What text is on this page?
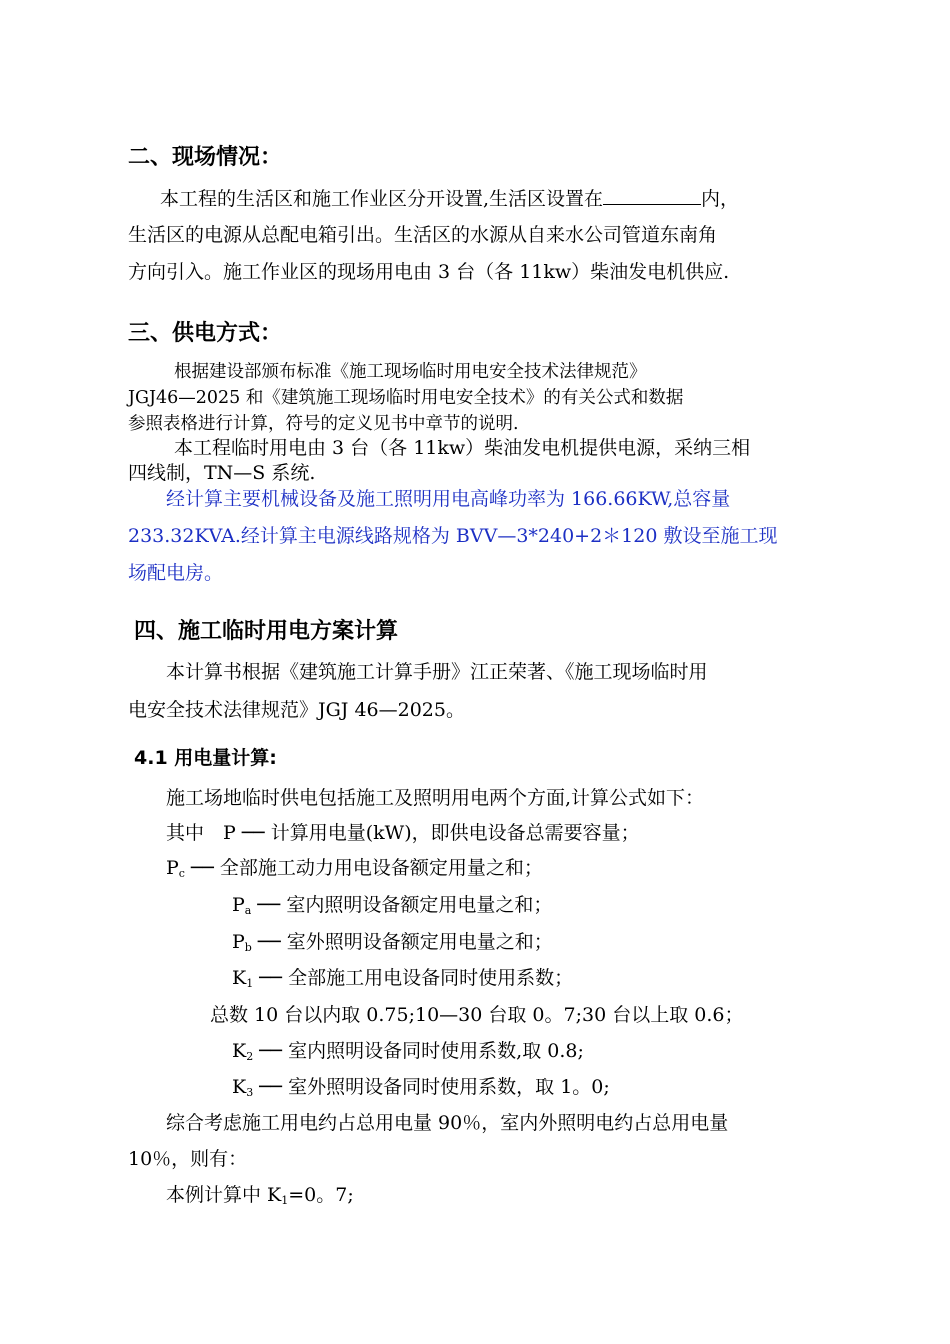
二、现场情况：
本工程的生活区和施工作业区分开设置,生活区设置在	内，
生活区的电源从总配电箱引出。生活区的水源从自来水公司管道东南角
方向引入。施工作业区的现场用电由 3 台（各 11kw）柴油发电机供应.
三、供电方式：
根据建设部颁布标准《施工现场临时用电安全技术法律规范》
JGJ46—2025 和《建筑施工现场临时用电安全技术》的有关公式和数据
参照表格进行计算，符号的定义见书中章节的说明.
本工程临时用电由 3 台（各 11kw）柴油发电机提供电源，采纳三相
四线制，TN—S 系统.
经计算主要机械设备及施工照明用电高峰功率为 166.66KW,总容量
233.32KVA.经计算主电源线路规格为 BVV—3*240+2＊120 敷设至施工现
场配电房。
四、施工临时用电方案计算
本计算书根据《建筑施工计算手册》江正荣著、《施工现场临时用
电安全技术法律规范》JGJ 46—2025。
4.1 用电量计算:
施工场地临时供电包括施工及照明用电两个方面,计算公式如下：
其中　P ── 计算用电量(kW)，即供电设备总需要容量；
$P_c$ ── 全部施工动力用电设备额定用量之和；
$P_a$ ── 室内照明设备额定用电量之和；
$P_b$ ── 室外照明设备额定用电量之和；
$K_1$ ── 全部施工用电设备同时使用系数；
总数 10 台以内取 0.75;10—30 台取 0。7;30 台以上取 0.6；
$K_2$ ── 室内照明设备同时使用系数,取 0.8;
$K_3$ ── 室外照明设备同时使用系数，取 1。0;
综合考虑施工用电约占总用电量 90％，室内外照明电约占总用电量
10％，则有：
本例计算中 $K_1=0$。7;
